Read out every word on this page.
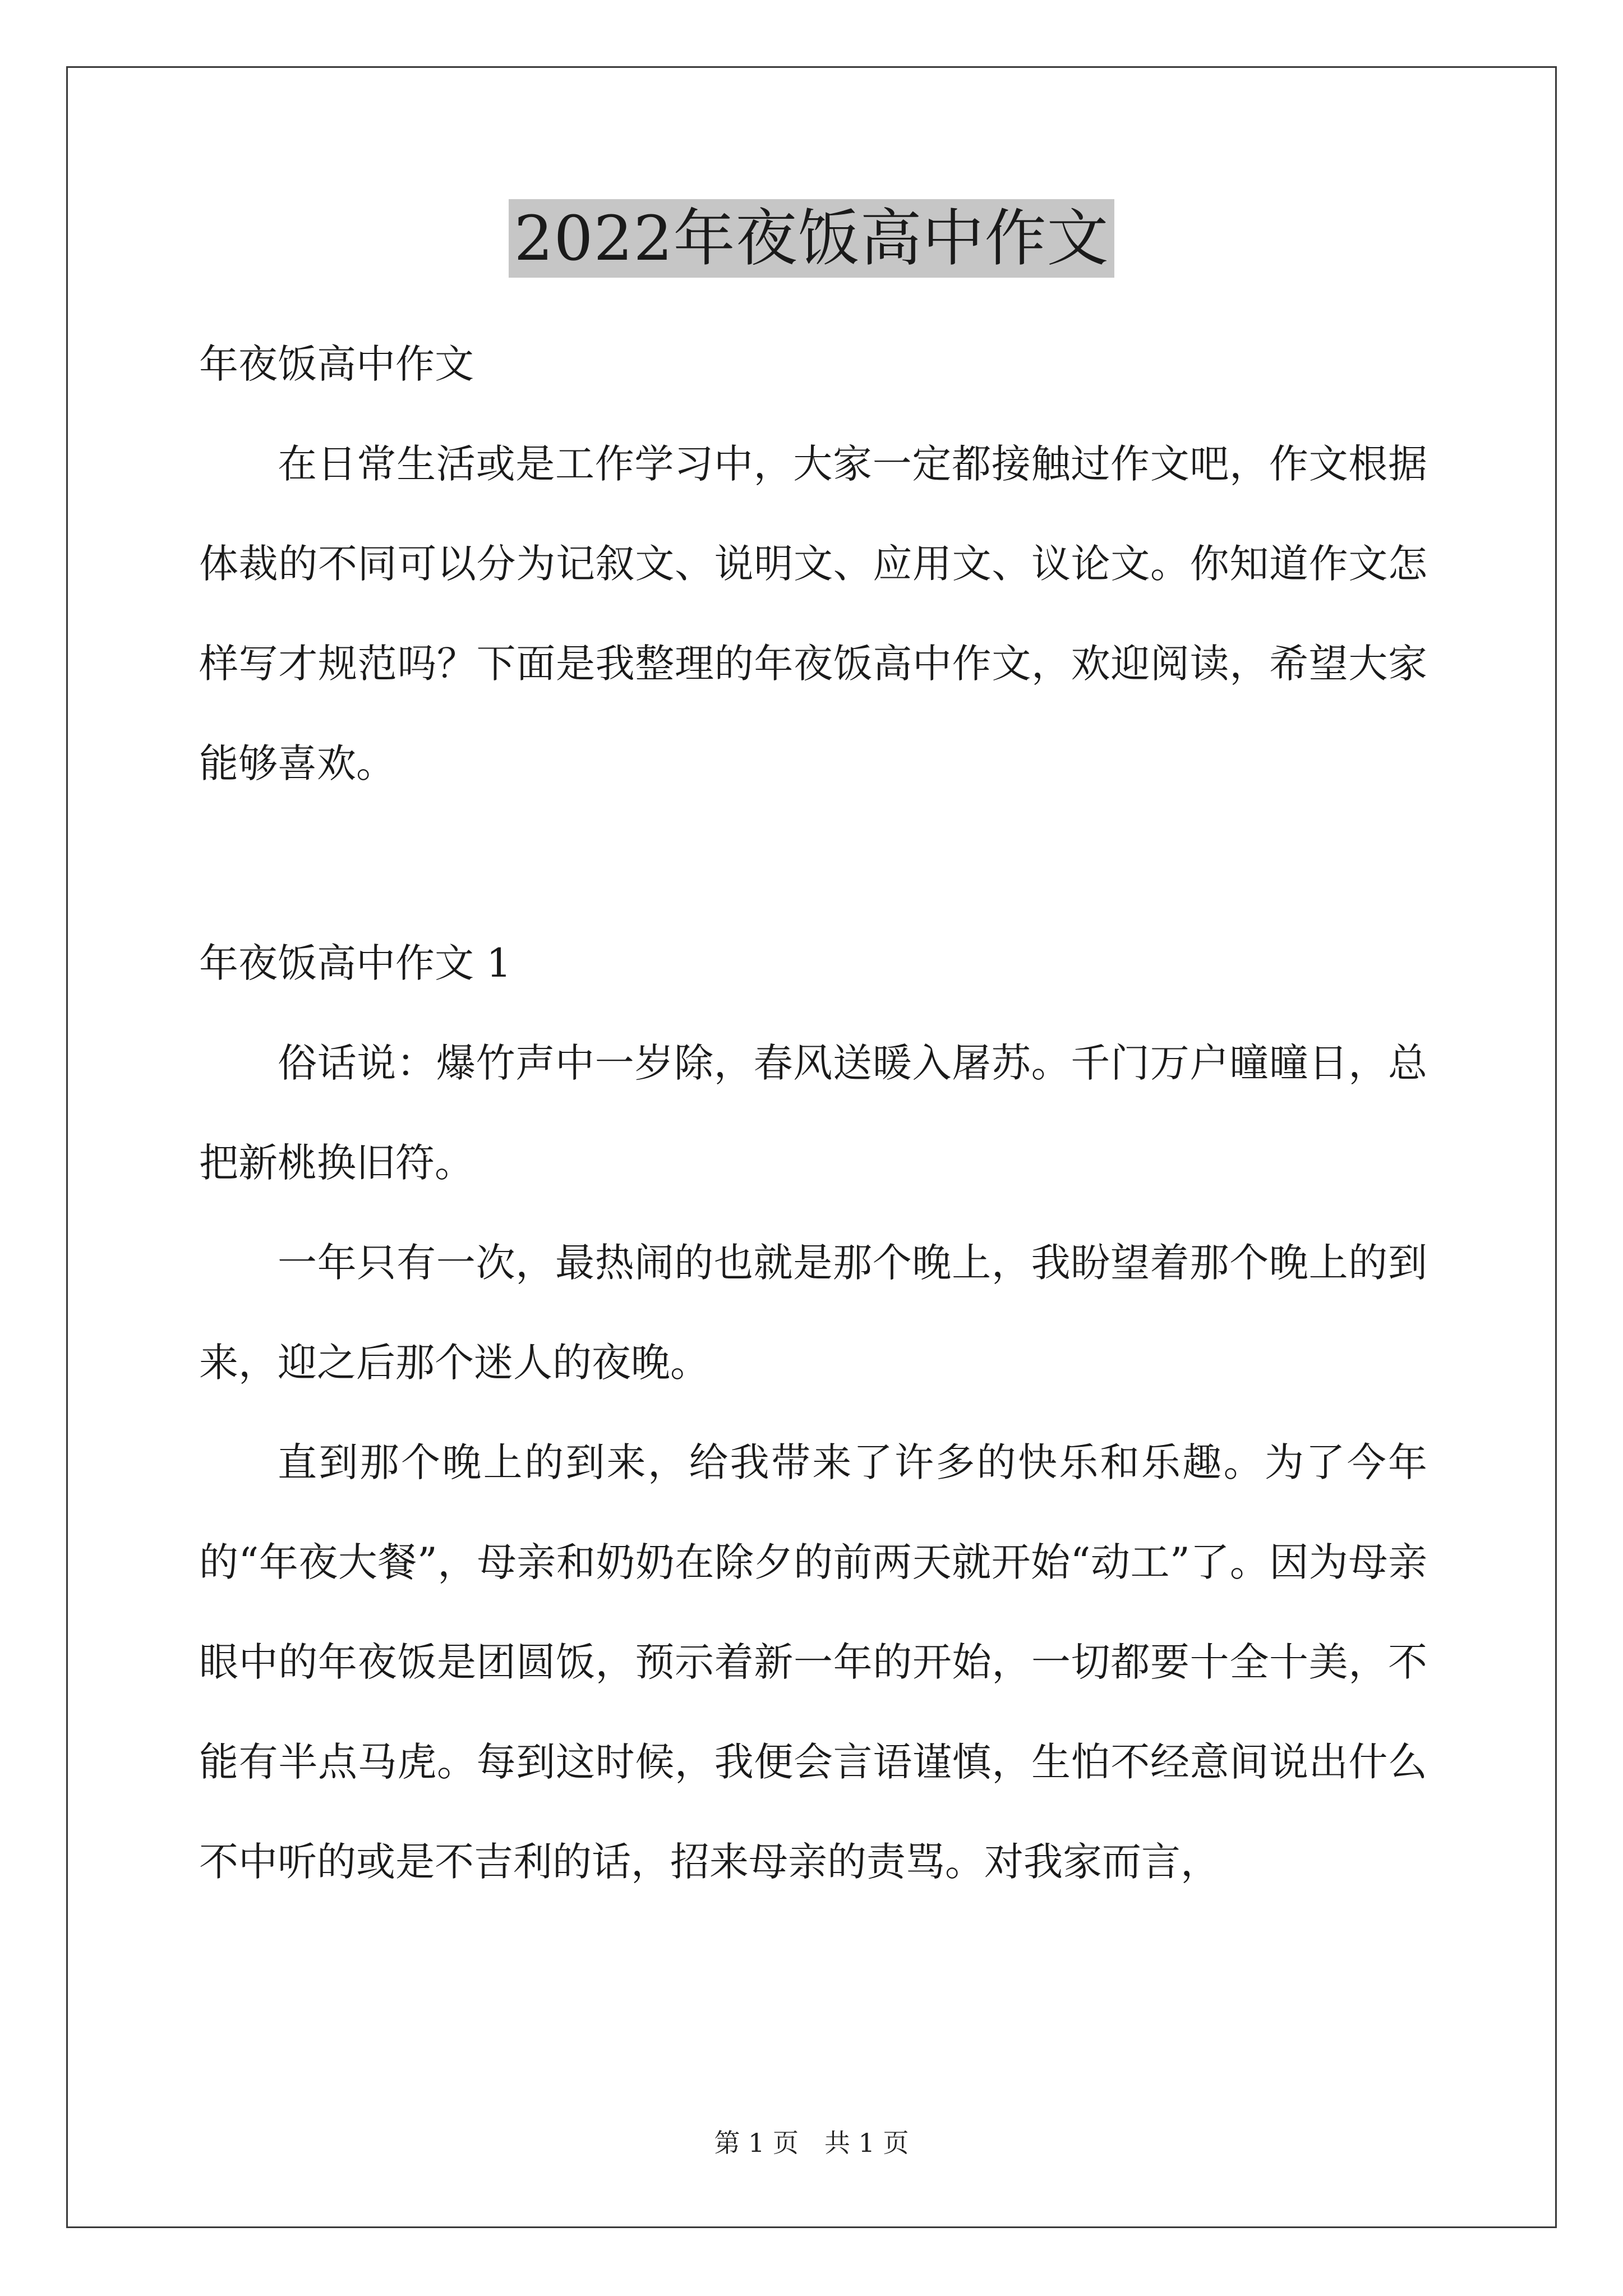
2022年夜饭高中作文

年夜饭高中作文

在日常生活或是工作学习中，大家一定都接触过作文吧，作文根据体裁的不同可以分为记叙文、说明文、应用文、议论文。你知道作文怎样写才规范吗？下面是我整理的年夜饭高中作文，欢迎阅读，希望大家能够喜欢。

年夜饭高中作文 1

俗话说：爆竹声中一岁除，春风送暖入屠苏。千门万户曈曈日，总把新桃换旧符。

一年只有一次，最热闹的也就是那个晚上，我盼望着那个晚上的到来，迎之后那个迷人的夜晚。

直到那个晚上的到来，给我带来了许多的快乐和乐趣。为了今年的“年夜大餐”，母亲和奶奶在除夕的前两天就开始“动工”了。因为母亲眼中的年夜饭是团圆饭，预示着新一年的开始，一切都要十全十美，不能有半点马虎。每到这时候，我便会言语谨慎，生怕不经意间说出什么不中听的或是不吉利的话，招来母亲的责骂。对我家而言，

第 1 页　共 1 页
